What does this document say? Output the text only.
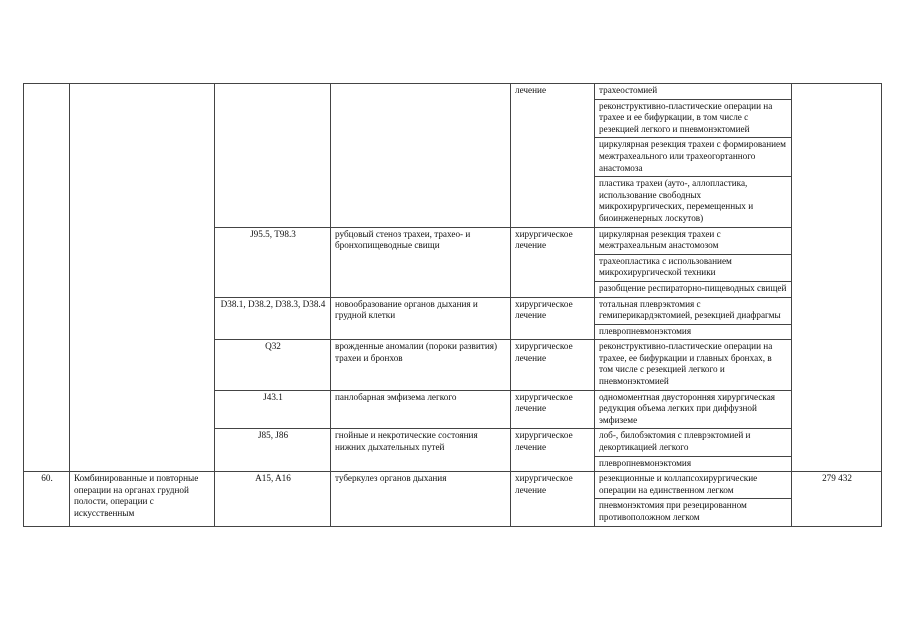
				лечение	трахеостомией	
					реконструктивно-пластические операции на трахее и ее бифуркации, в том числе с резекцией легкого и пневмонэктомией	
					циркулярная резекция трахеи с формированием межтрахеального или трахеогортанного анастомоза	
					пластика трахеи (ауто-, аллопластика, использование свободных микрохирургических, перемещенных и биоинженерных лоскутов)	
		J95.5, T98.3	рубцовый стеноз трахеи, трахео- и бронхопищеводные свищи	хирургическое лечение	циркулярная резекция трахеи с межтрахеальным анастомозом	
					трахеопластика с использованием микрохирургической техники	
					разобщение респираторно-пищеводных свищей	
		D38.1, D38.2, D38.3, D38.4	новообразование органов дыхания и грудной клетки	хирургическое лечение	тотальная плеврэктомия с гемиперикардэктомией, резекцией диафрагмы	
					плевропневмонэктомия	
		Q32	врожденные аномалии (пороки развития) трахеи и бронхов	хирургическое лечение	реконструктивно-пластические операции на трахее, ее бифуркации и главных бронхах, в том числе с резекцией легкого и пневмонэктомией	
		J43.1	панлобарная эмфизема легкого	хирургическое лечение	одномоментная двусторонняя хирургическая редукция объема легких при диффузной эмфиземе	
		J85, J86	гнойные и некротические состояния нижних дыхательных путей	хирургическое лечение	лоб-, билобэктомия с плеврэктомией и декортикацией легкого	
					плевропневмонэктомия	
60.	Комбинированные и повторные операции на органах грудной полости, операции с искусственным	A15, A16	туберкулез органов дыхания	хирургическое лечение	резекционные и коллапсохирургические операции на единственном легком	279 432
					пневмонэктомия при резецированном противоположном легком	
